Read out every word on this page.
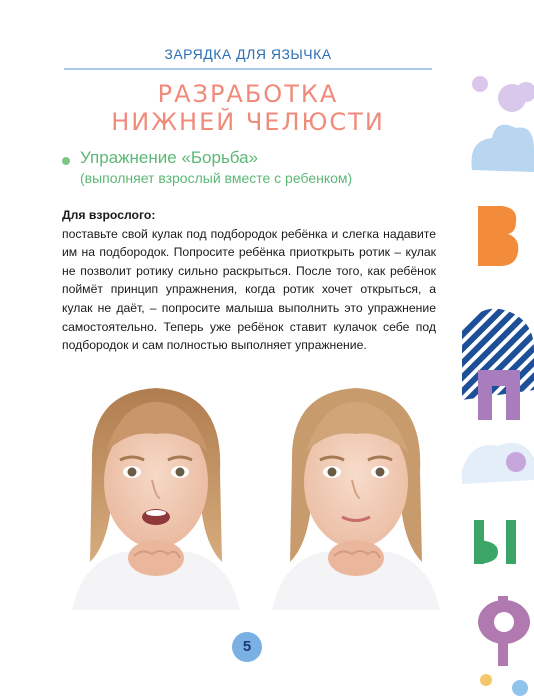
ЗАРЯДКА ДЛЯ ЯЗЫЧКА
РАЗРАБОТКА
НИЖНЕЙ ЧЕЛЮСТИ
Упражнение «Борьба»
(выполняет взрослый вместе с ребенком)
Для взрослого:

поставьте свой кулак под подбородок ребёнка и слегка надавите им на подбородок. Попросите ребёнка приоткрыть ротик – кулак не позволит ротику сильно раскрыться. После того, как ребёнок поймёт принцип упражнения, когда ротик хочет открыться, а кулак не даёт, – попросите малыша выполнить это упражнение самостоятельно. Теперь уже ребёнок ставит кулачок себе под подбородок и сам полностью выполняет упражнение.

5
